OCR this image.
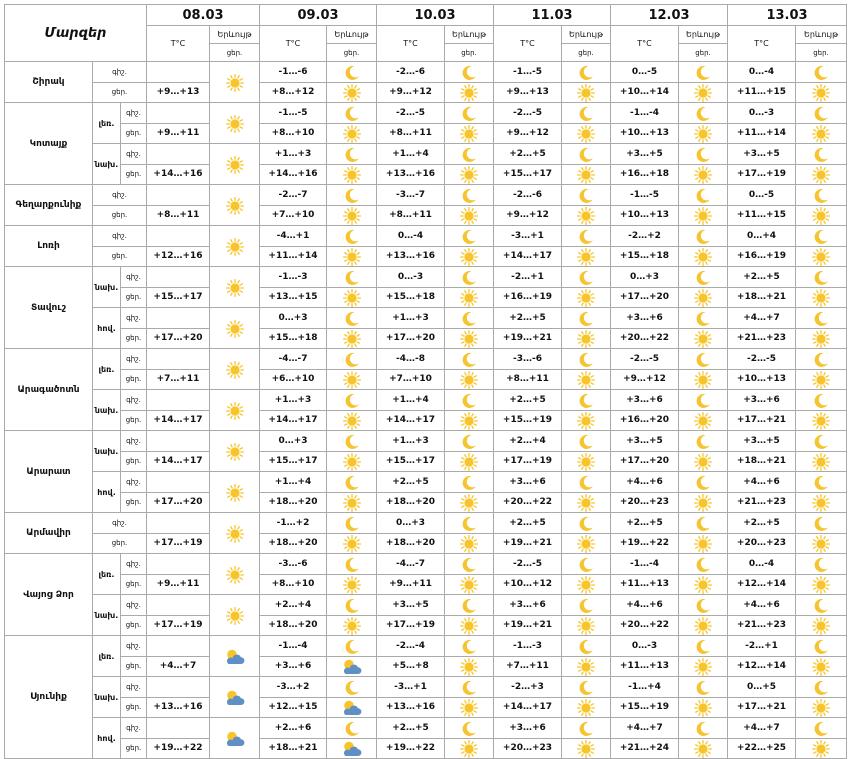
Մարզեր			08.03		09.03		10.03		11.03		12.03		13.03	
			T°C	Երևույթ	T°C	Երևույթ	T°C	Երևույթ	T°C	Երևույթ	T°C	Երևույթ	T°C	Երևույթ
				ցեր.		ցեր.		ցեր.		ցեր.		ցեր.		ցեր.
Շիրակ	գիշ.				-1…-6		-2…-6		-1…-5		0…-5		0…-4	
	ցեր.		+9…+13		+8…+12		+9…+12		+9…+13		+10…+14		+11…+15	
Կոտայք	լեռ.	գիշ.			-1…-5		-2…-5		-2…-5		-1…-4		0…-3	
		ցեր.	+9…+11		+8…+10		+8…+11		+9…+12		+10…+13		+11…+14	
	նախ.	գիշ.			+1…+3		+1…+4		+2…+5		+3…+5		+3…+5	
		ցեր.	+14…+16		+14…+16		+13…+16		+15…+17		+16…+18		+17…+19	
Գեղարքունիք	գիշ.				-2…-7		-3…-7		-2…-6		-1…-5		0…-5	
	ցեր.		+8…+11		+7…+10		+8…+11		+9…+12		+10…+13		+11…+15	
Լոռի	գիշ.				-4…+1		0…-4		-3…+1		-2…+2		0…+4	
	ցեր.		+12…+16		+11…+14		+13…+16		+14…+17		+15…+18		+16…+19	
Տավուշ	նախ.	գիշ.			-1…-3		0…-3		-2…+1		0…+3		+2…+5	
		ցեր.	+15…+17		+13…+15		+15…+18		+16…+19		+17…+20		+18…+21	
	հով.	գիշ.			0…+3		+1…+3		+2…+5		+3…+6		+4…+7	
		ցեր.	+17…+20		+15…+18		+17…+20		+19…+21		+20…+22		+21…+23	
Արագածոտն	լեռ.	գիշ.			-4…-7		-4…-8		-3…-6		-2…-5		-2…-5	
		ցեր.	+7…+11		+6…+10		+7…+10		+8…+11		+9…+12		+10…+13	
	նախ.	գիշ.			+1…+3		+1…+4		+2…+5		+3…+6		+3…+6	
		ցեր.	+14…+17		+14…+17		+14…+17		+15…+19		+16…+20		+17…+21	
Արարատ	նախ.	գիշ.			0…+3		+1…+3		+2…+4		+3…+5		+3…+5	
		ցեր.	+14…+17		+15…+17		+15…+17		+17…+19		+17…+20		+18…+21	
	հով.	գիշ.			+1…+4		+2…+5		+3…+6		+4…+6		+4…+6	
		ցեր.	+17…+20		+18…+20		+18…+20		+20…+22		+20…+23		+21…+23	
Արմավիր	գիշ.				-1…+2		0…+3		+2…+5		+2…+5		+2…+5	
	ցեր.		+17…+19		+18…+20		+18…+20		+19…+21		+19…+22		+20…+23	
Վայոց Ձոր	լեռ.	գիշ.			-3…-6		-4…-7		-2…-5		-1…-4		0…-4	
		ցեր.	+9…+11		+8…+10		+9…+11		+10…+12		+11…+13		+12…+14	
	նախ.	գիշ.			+2…+4		+3…+5		+3…+6		+4…+6		+4…+6	
		ցեր.	+17…+19		+18…+20		+17…+19		+19…+21		+20…+22		+21…+23	
Սյունիք	լեռ.	գիշ.			-1…-4		-2…-4		-1…-3		0…-3		-2…+1	
		ցեր.	+4…+7		+3…+6		+5…+8		+7…+11		+11…+13		+12…+14	
	նախ.	գիշ.			-3…+2		-3…+1		-2…+3		-1…+4		0…+5	
		ցեր.	+13…+16		+12…+15		+13…+16		+14…+17		+15…+19		+17…+21	
	հով.	գիշ.			+2…+6		+2…+5		+3…+6		+4…+7		+4…+7	
		ցեր.	+19…+22		+18…+21		+19…+22		+20…+23		+21…+24		+22…+25	
